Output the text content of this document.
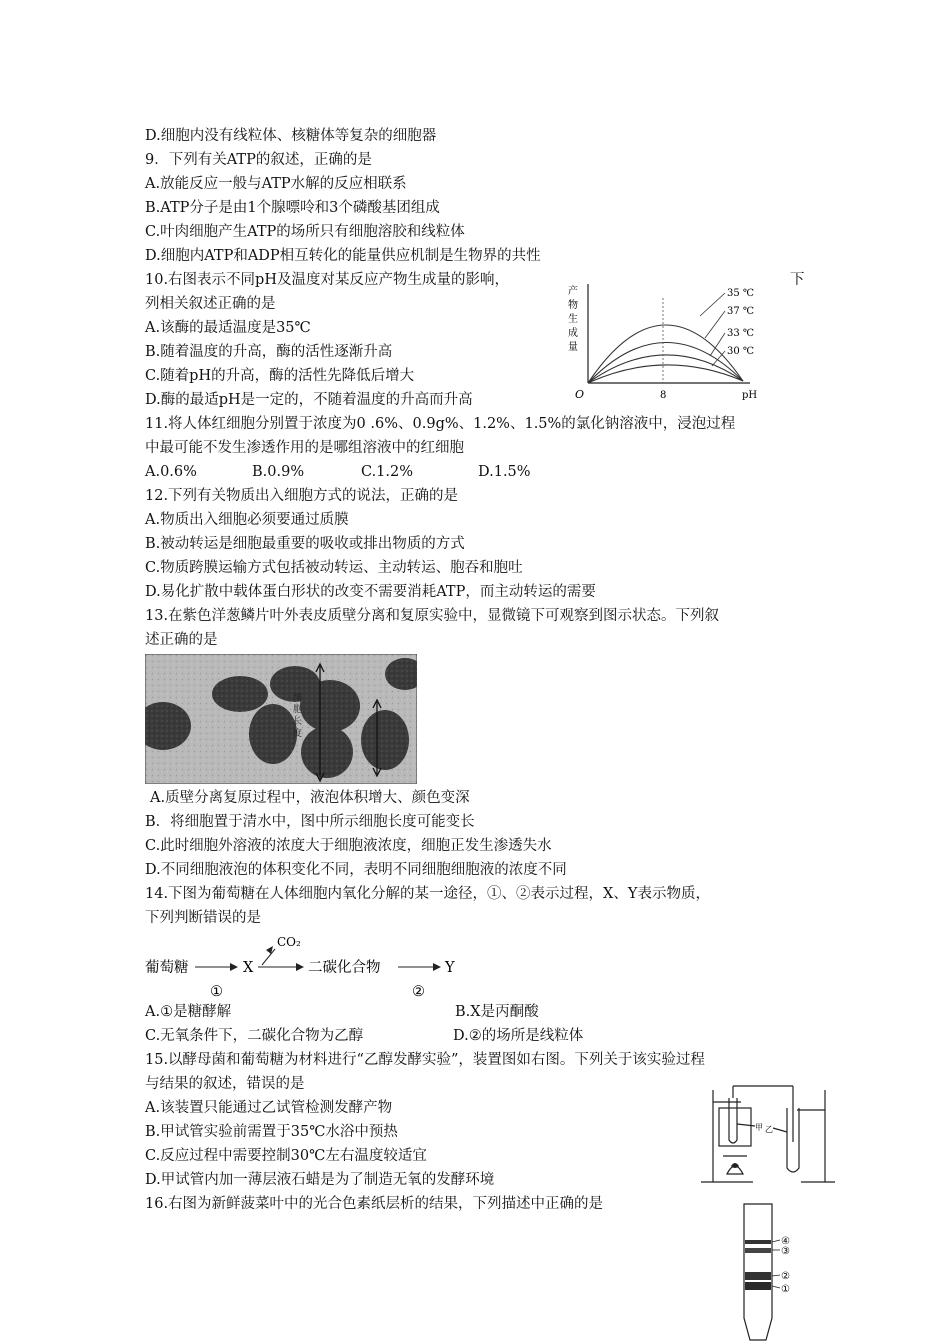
D.细胞内没有线粒体、核糖体等复杂的细胞器
9．下列有关ATP的叙述，正确的是
A.放能反应一般与ATP水解的反应相联系
B.ATP分子是由1个腺嘌呤和3个磷酸基团组成
C.叶肉细胞产生ATP的场所只有细胞溶胶和线粒体
D.细胞内ATP和ADP相互转化的能量供应机制是生物界的共性
10.右图表示不同pH及温度对某反应产物生成量的影响，	下
列相关叙述正确的是
A.该酶的最适温度是35℃
B.随着温度的升高，酶的活性逐渐升高
C.随着pH的升高，酶的活性先降低后增大
D.酶的最适pH是一定的，不随着温度的升高而升高
11.将人体红细胞分别置于浓度为0 .6%、0.9g%、1.2%、1.5%的氯化钠溶液中，浸泡过程
中最可能不发生渗透作用的是哪组溶液中的红细胞
A.0.6%	B.0.9%	C.1.2%	D.1.5%
12.下列有关物质出入细胞方式的说法，正确的是
A.物质出入细胞必须要通过质膜
B.被动转运是细胞最重要的吸收或排出物质的方式
C.物质跨膜运输方式包括被动转运、主动转运、胞吞和胞吐
D.易化扩散中载体蛋白形状的改变不需要消耗ATP，而主动转运的需要
13.在紫色洋葱鳞片叶外表皮质壁分离和复原实验中，显微镜下可观察到图示状态。下列叙
述正确的是
A.质壁分离复原过程中，液泡体积增大、颜色变深
B．将细胞置于清水中，图中所示细胞长度可能变长
C.此时细胞外溶液的浓度大于细胞液浓度，细胞正发生渗透失水
D.不同细胞液泡的体积变化不同，表明不同细胞细胞液的浓度不同
14.下图为葡萄糖在人体细胞内氧化分解的某一途径，①、②表示过程，X、Y表示物质，
下列判断错误的是
A.①是糖酵解	B.X是丙酮酸
C.无氧条件下，二碳化合物为乙醇	D.②的场所是线粒体
15.以酵母菌和葡萄糖为材料进行“乙醇发酵实验”，装置图如右图。下列关于该实验过程
与结果的叙述，错误的是
A.该装置只能通过乙试管检测发酵产物
B.甲试管实验前需置于35℃水浴中预热
C.反应过程中需要控制30℃左右温度较适宜
D.甲试管内加一薄层液石蜡是为了制造无氧的发酵环境
16.右图为新鲜菠菜叶中的光合色素纸层析的结果，下列描述中正确的是
产
物
生
成
量
35 ℃
37 ℃
33 ℃
30 ℃
O	8	pH
细
胞
长
度
葡萄糖	X
CO₂
二碳化合物	Y
①	②
甲 乙
④
③
②
①
